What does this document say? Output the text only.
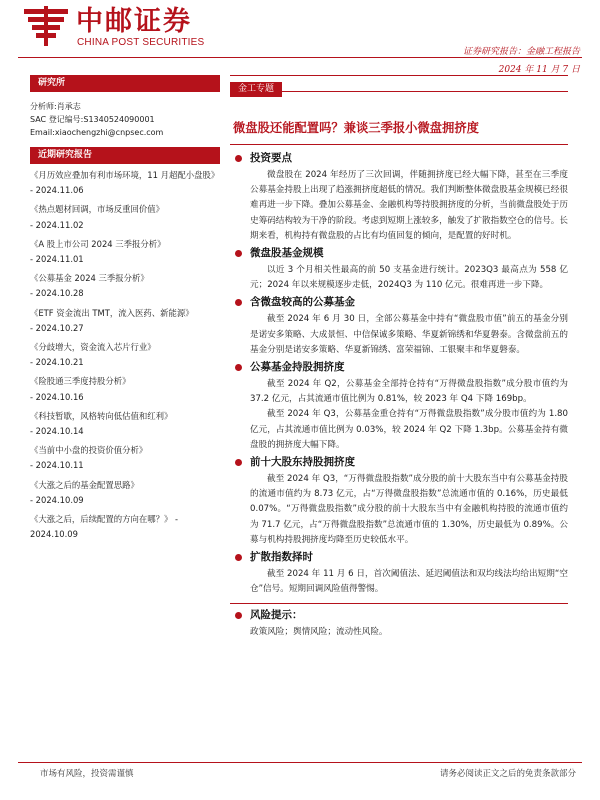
中邮证券
CHINA POST SECURITIES
证券研究报告：金融工程报告
2024 年 11 月 7 日
研究所
分析师:肖承志
SAC 登记编号:S1340524090001
Email:xiaochengzhi@cnpsec.com
近期研究报告
《月历效应叠加有利市场环境，11 月超配小盘股》
- 2024.11.06
《热点题材回调，市场反重回价值》
- 2024.11.02
《A 股上市公司 2024 三季报分析》
- 2024.11.01
《公募基金 2024 三季报分析》
- 2024.10.28
《ETF 资金流出 TMT，流入医药、新能源》
- 2024.10.27
《分歧增大，资金流入芯片行业》
- 2024.10.21
《险股通三季度持股分析》
- 2024.10.16
《科技暂歇，风格转向低估值和红利》
- 2024.10.14
《当前中小盘的投资价值分析》
- 2024.10.11
《大涨之后的基金配置思路》
- 2024.10.09
《大涨之后，后续配置的方向在哪？》 - 2024.10.09
金工专题
微盘股还能配置吗？兼谈三季报小微盘拥挤度
投资要点

微盘股在 2024 年经历了三次回调，伴随拥挤度已经大幅下降，甚至在三季度公募基金持股上出现了趋涨拥挤度超低的情况。我们判断整体微盘股基金规模已经很难再进一步下降。叠加公募基金、金融机构等持股拥挤度的分析，当前微盘股处于历史筹码结构较为干净的阶段。考虑到短期上涨较多，触发了扩散指数空仓的信号。长期来看，机构持有微盘股的占比有均值回复的倾向，是配置的好时机。

微盘股基金规模

以近 3 个月相关性最高的前 50 支基金进行统计。2023Q3 最高点为 558 亿元；2024 年以来规模逐步走低，2024Q3 为 110 亿元。很难再进一步下降。

含微盘较高的公募基金

截至 2024 年 6 月 30 日，全部公募基金中持有“微盘股市值”前五的基金分别是诺安多策略、大成景恒、中信保诚多策略、华夏新锦绣和华夏磐泰。含微盘前五的基金分别是诺安多策略、华夏新锦绣、富荣福锦、工银聚丰和华夏磐泰。

公募基金持股拥挤度

截至 2024 年 Q2，公募基金全部持仓持有“万得微盘股指数”成分股市值约为 37.2 亿元，占其流通市值比例为 0.81%，较 2023 年 Q4 下降 169bp。

截至 2024 年 Q3，公募基金重仓持有“万得微盘股指数”成分股市值约为 1.80 亿元，占其流通市值比例为 0.03%，较 2024 年 Q2 下降 1.3bp。公募基金持有微盘股的拥挤度大幅下降。

前十大股东持股拥挤度

截至 2024 年 Q3，“万得微盘股指数”成分股的前十大股东当中有公募基金持股的流通市值约为 8.73 亿元，占“万得微盘股指数”总流通市值的 0.16%，历史最低 0.07%。“万得微盘股指数”成分股的前十大股东当中有金融机构持股的流通市值约为 71.7 亿元，占“万得微盘股指数”总流通市值的 1.30%，历史最低为 0.89%。公募与机构持股拥挤度均降至历史较低水平。

扩散指数择时

截至 2024 年 11 月 6 日，首次阈值法、延迟阈值法和双均线法均给出短期“空仓”信号。短期回调风险值得警惕。

风险提示：

政策风险；舆情风险；流动性风险。

市场有风险，投资需谨慎	请务必阅读正文之后的免责条款部分
